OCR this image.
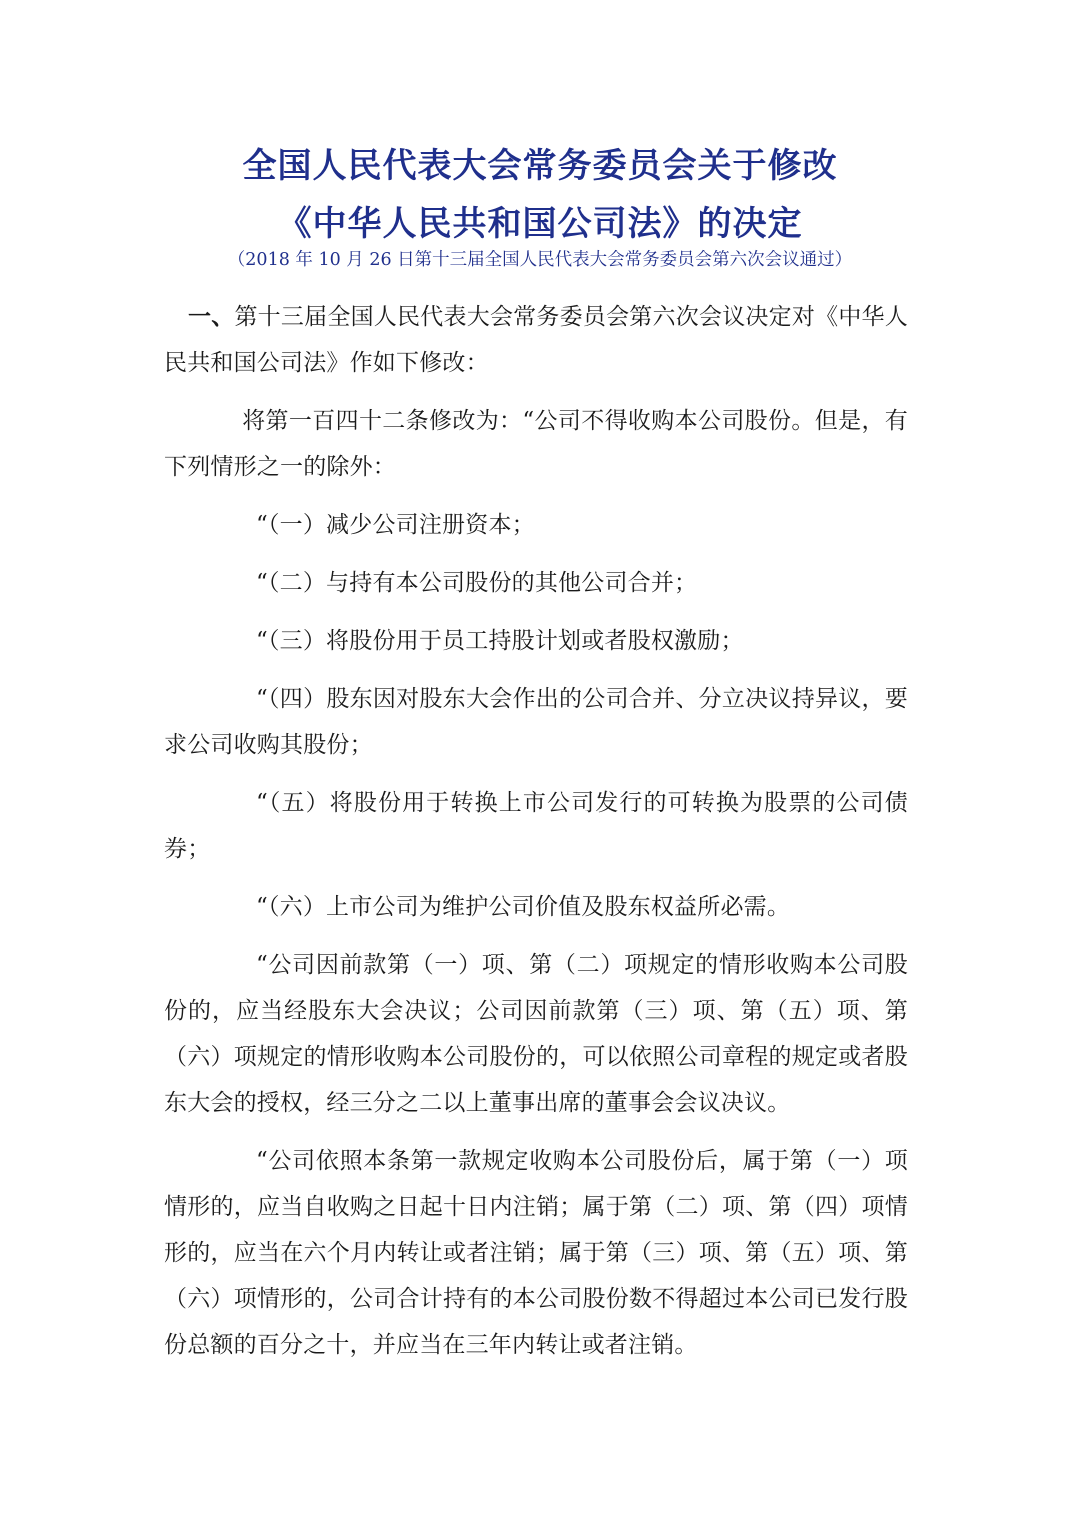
全国人民代表大会常务委员会关于修改
《中华人民共和国公司法》的决定
（2018 年 10 月 26 日第十三届全国人民代表大会常务委员会第六次会议通过）

一、第十三届全国人民代表大会常务委员会第六次会议决定对《中华人民共和国公司法》作如下修改：

将第一百四十二条修改为：“公司不得收购本公司股份。但是，有下列情形之一的除外：

“（一）减少公司注册资本；

“（二）与持有本公司股份的其他公司合并；

“（三）将股份用于员工持股计划或者股权激励；

“（四）股东因对股东大会作出的公司合并、分立决议持异议，要求公司收购其股份；

“（五）将股份用于转换上市公司发行的可转换为股票的公司债券；

“（六）上市公司为维护公司价值及股东权益所必需。

“公司因前款第（一）项、第（二）项规定的情形收购本公司股份的，应当经股东大会决议；公司因前款第（三）项、第（五）项、第（六）项规定的情形收购本公司股份的，可以依照公司章程的规定或者股东大会的授权，经三分之二以上董事出席的董事会会议决议。

“公司依照本条第一款规定收购本公司股份后，属于第（一）项情形的，应当自收购之日起十日内注销；属于第（二）项、第（四）项情形的，应当在六个月内转让或者注销；属于第（三）项、第（五）项、第（六）项情形的，公司合计持有的本公司股份数不得超过本公司已发行股份总额的百分之十，并应当在三年内转让或者注销。
